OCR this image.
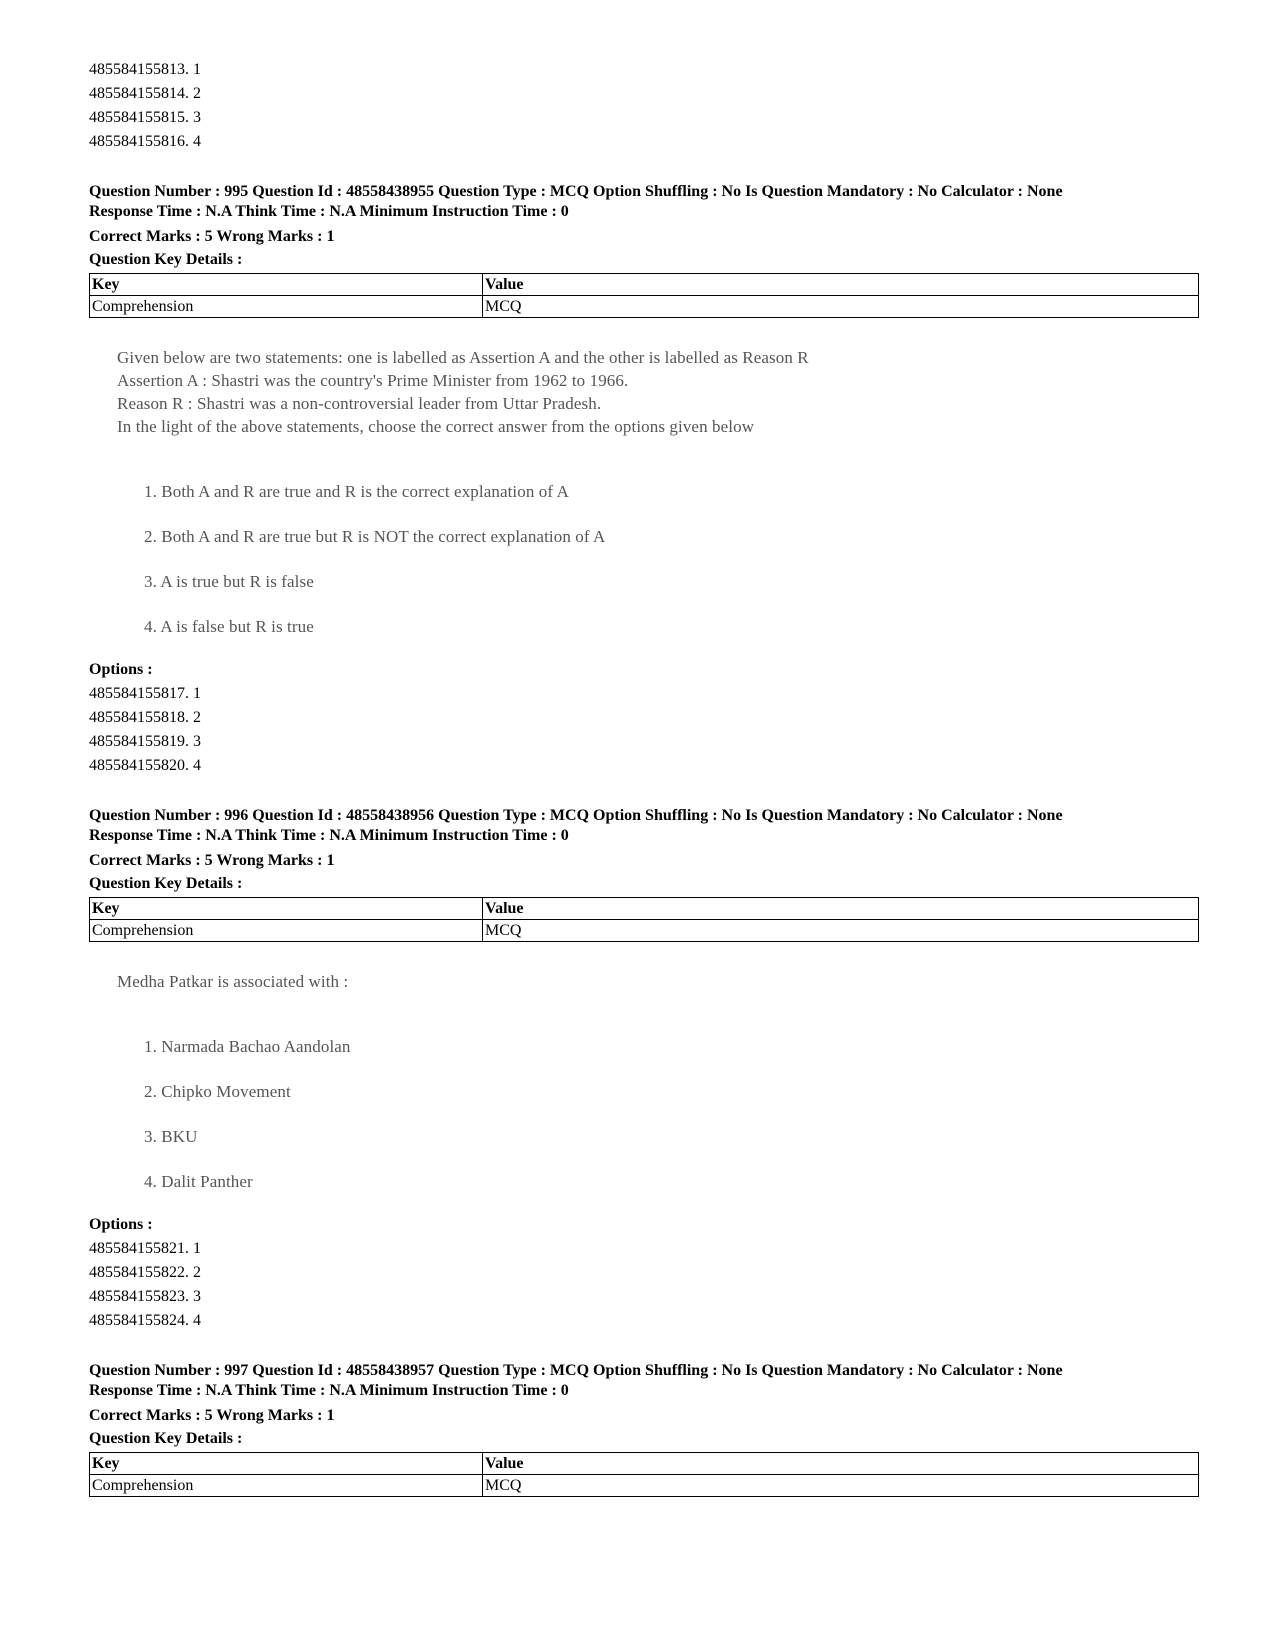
485584155813. 1
485584155814. 2
485584155815. 3
485584155816. 4
Question Number : 995 Question Id : 48558438955 Question Type : MCQ Option Shuffling : No Is Question Mandatory : No Calculator : None
Response Time : N.A Think Time : N.A Minimum Instruction Time : 0
Correct Marks : 5 Wrong Marks : 1
Question Key Details :
Key	Value
Comprehension	MCQ
Given below are two statements: one is labelled as Assertion A and the other is labelled as Reason R
Assertion A : Shastri was the country's Prime Minister from 1962 to 1966.
Reason R : Shastri was a non-controversial leader from Uttar Pradesh.
In the light of the above statements, choose the correct answer from the options given below
1. Both A and R are true and R is the correct explanation of A
2. Both A and R are true but R is NOT the correct explanation of A
3. A is true but R is false
4. A is false but R is true
Options :
485584155817. 1
485584155818. 2
485584155819. 3
485584155820. 4
Question Number : 996 Question Id : 48558438956 Question Type : MCQ Option Shuffling : No Is Question Mandatory : No Calculator : None
Response Time : N.A Think Time : N.A Minimum Instruction Time : 0
Correct Marks : 5 Wrong Marks : 1
Question Key Details :
Key	Value
Comprehension	MCQ
Medha Patkar is associated with :
1. Narmada Bachao Aandolan
2. Chipko Movement
3. BKU
4. Dalit Panther
Options :
485584155821. 1
485584155822. 2
485584155823. 3
485584155824. 4
Question Number : 997 Question Id : 48558438957 Question Type : MCQ Option Shuffling : No Is Question Mandatory : No Calculator : None
Response Time : N.A Think Time : N.A Minimum Instruction Time : 0
Correct Marks : 5 Wrong Marks : 1
Question Key Details :
Key	Value
Comprehension	MCQ
